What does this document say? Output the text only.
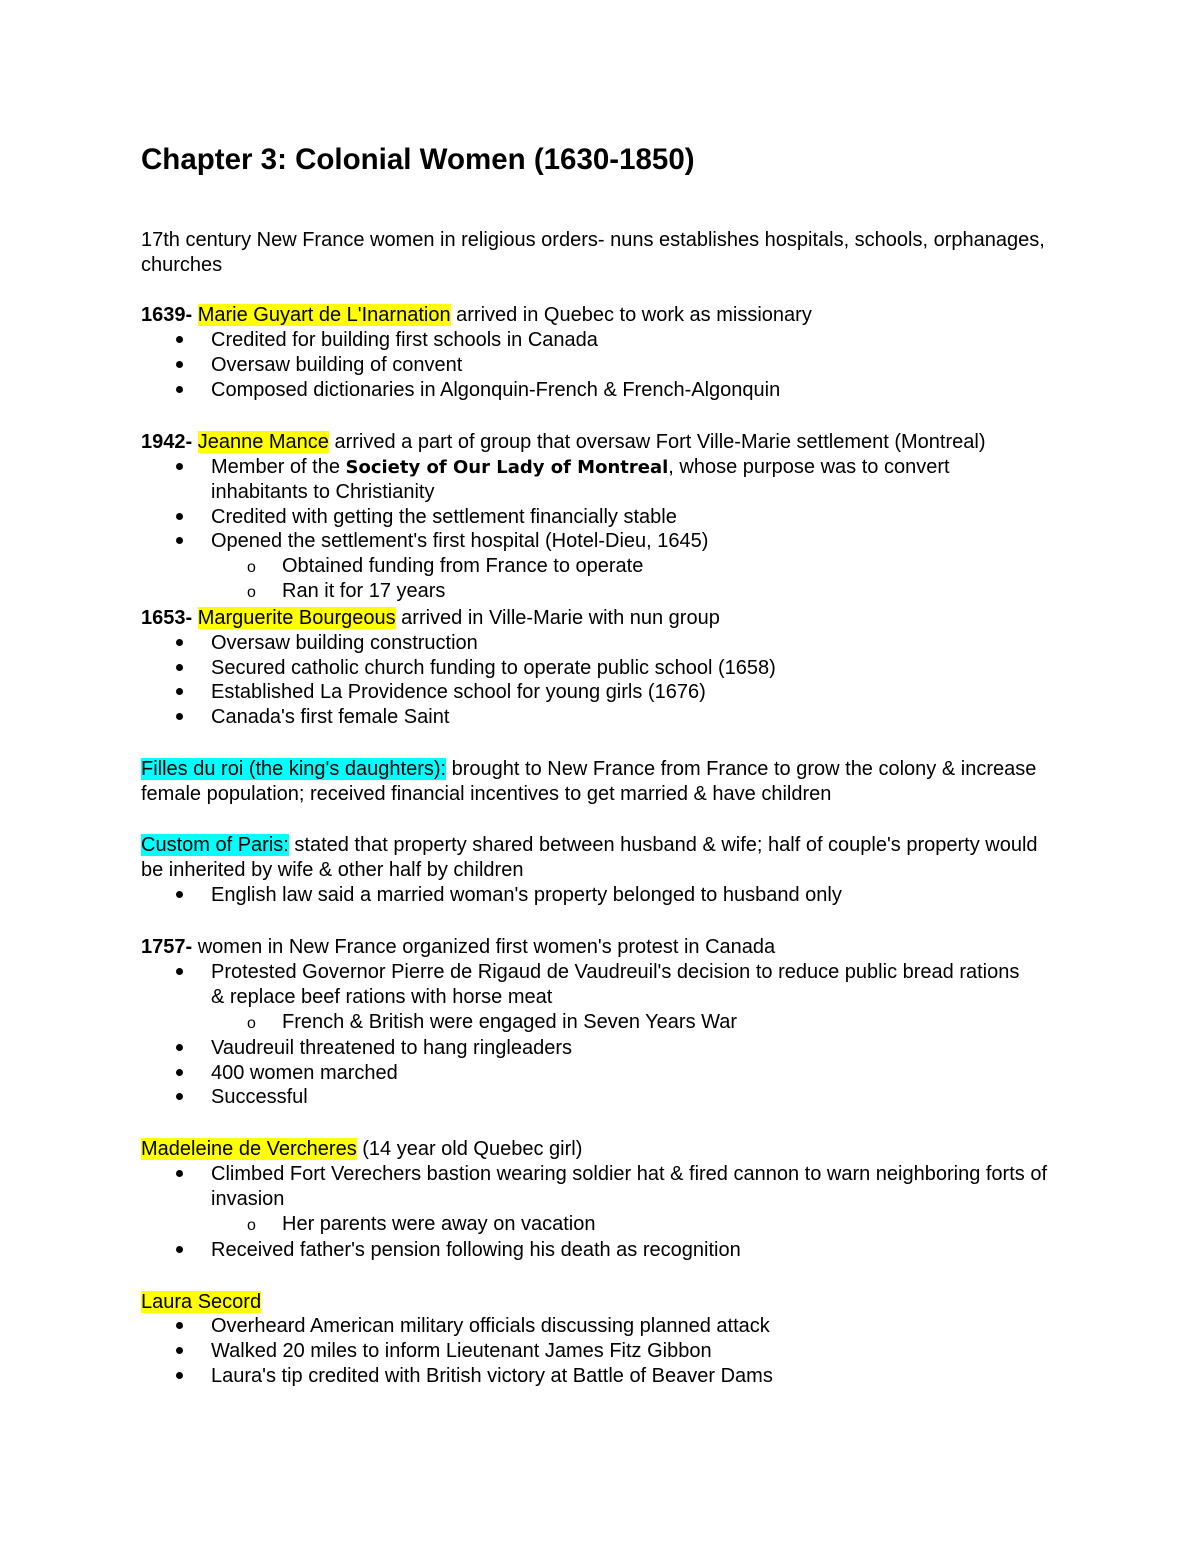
Chapter 3: Colonial Women (1630-1850)
17th century New France women in religious orders- nuns establishes hospitals, schools, orphanages, churches
1639- Marie Guyart de L'Inarnation arrived in Quebec to work as missionary
Credited for building first schools in Canada
Oversaw building of convent
Composed dictionaries in Algonquin-French & French-Algonquin
1942- Jeanne Mance arrived a part of group that oversaw Fort Ville-Marie settlement (Montreal)
Member of the Society of Our Lady of Montreal, whose purpose was to convert inhabitants to Christianity
Credited with getting the settlement financially stable
Opened the settlement's first hospital (Hotel-Dieu, 1645)
o Obtained funding from France to operate
o Ran it for 17 years
1653- Marguerite Bourgeous arrived in Ville-Marie with nun group
Oversaw building construction
Secured catholic church funding to operate public school (1658)
Established La Providence school for young girls (1676)
Canada's first female Saint
Filles du roi (the king's daughters): brought to New France from France to grow the colony & increase female population; received financial incentives to get married & have children
Custom of Paris: stated that property shared between husband & wife; half of couple's property would be inherited by wife & other half by children
English law said a married woman's property belonged to husband only
1757- women in New France organized first women's protest in Canada
Protested Governor Pierre de Rigaud de Vaudreuil's decision to reduce public bread rations & replace beef rations with horse meat
o French & British were engaged in Seven Years War
Vaudreuil threatened to hang ringleaders
400 women marched
Successful
Madeleine de Vercheres (14 year old Quebec girl)
Climbed Fort Verechers bastion wearing soldier hat & fired cannon to warn neighboring forts of invasion
o Her parents were away on vacation
Received father's pension following his death as recognition
Laura Secord
Overheard American military officials discussing planned attack
Walked 20 miles to inform Lieutenant James Fitz Gibbon
Laura's tip credited with British victory at Battle of Beaver Dams
